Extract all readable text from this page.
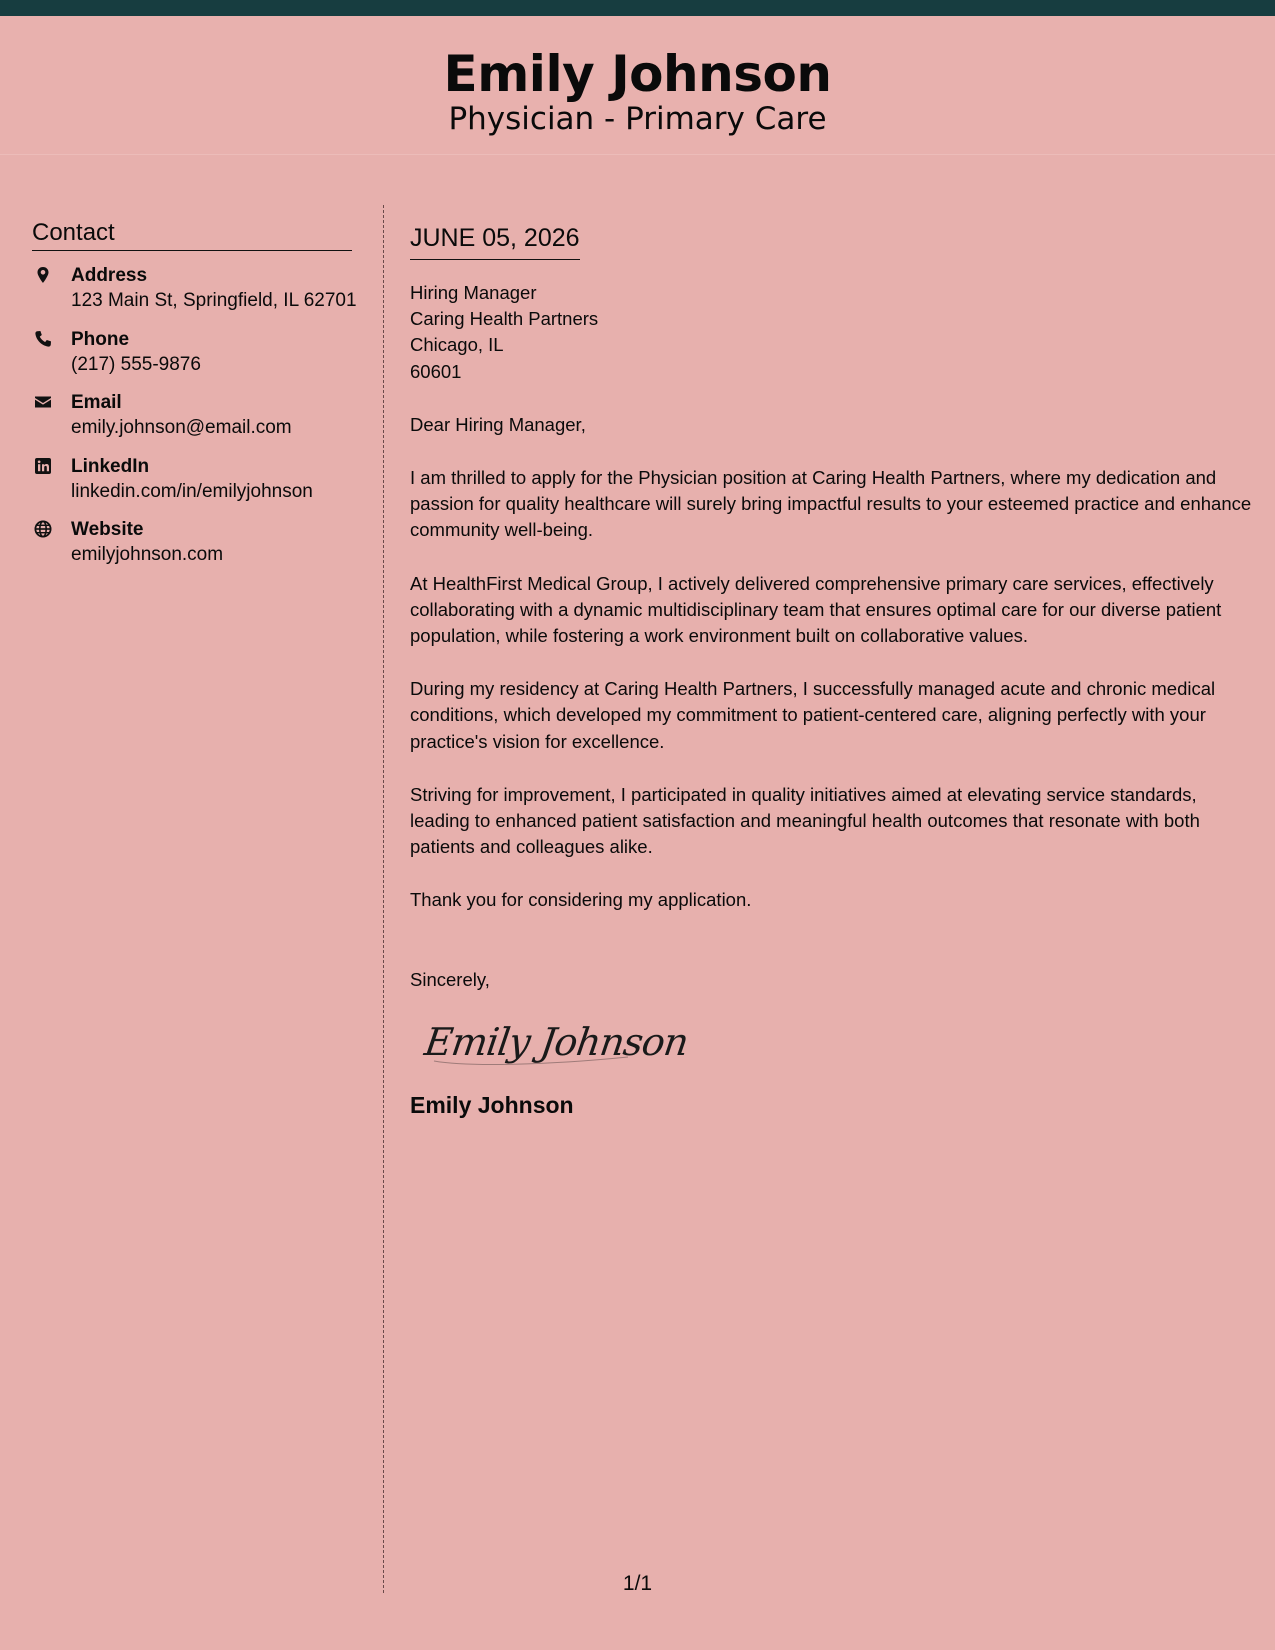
Emily Johnson
Physician - Primary Care
Contact
Address
123 Main St, Springfield, IL 62701
Phone
(217) 555-9876
Email
emily.johnson@email.com
LinkedIn
linkedin.com/in/emilyjohnson
Website
emilyjohnson.com
JUNE 05, 2026
Hiring Manager
Caring Health Partners
Chicago, IL
60601
Dear Hiring Manager,
I am thrilled to apply for the Physician position at Caring Health Partners, where my dedication and passion for quality healthcare will surely bring impactful results to your esteemed practice and enhance community well-being.
At HealthFirst Medical Group, I actively delivered comprehensive primary care services, effectively collaborating with a dynamic multidisciplinary team that ensures optimal care for our diverse patient population, while fostering a work environment built on collaborative values.
During my residency at Caring Health Partners, I successfully managed acute and chronic medical conditions, which developed my commitment to patient-centered care, aligning perfectly with your practice's vision for excellence.
Striving for improvement, I participated in quality initiatives aimed at elevating service standards, leading to enhanced patient satisfaction and meaningful health outcomes that resonate with both patients and colleagues alike.
Thank you for considering my application.
Sincerely,
Emily Johnson
Emily Johnson
1/1
